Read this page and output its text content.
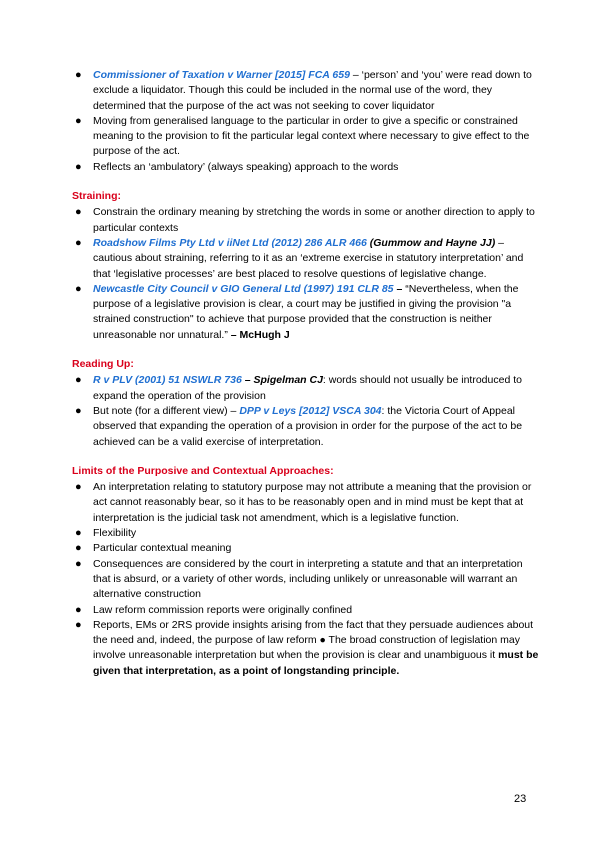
● Commissioner of Taxation v Warner [2015] FCA 659 – ‘person’ and ‘you’ were read down to exclude a liquidator. Though this could be included in the normal use of the word, they determined that the purpose of the act was not seeking to cover liquidator
● Moving from generalised language to the particular in order to give a specific or constrained meaning to the provision to fit the particular legal context where necessary to give effect to the purpose of the act.
● Reflects an ‘ambulatory’ (always speaking) approach to the words
Straining:
● Constrain the ordinary meaning by stretching the words in some or another direction to apply to particular contexts
● Roadshow Films Pty Ltd v iiNet Ltd (2012) 286 ALR 466 (Gummow and Hayne JJ) – cautious about straining, referring to it as an ‘extreme exercise in statutory interpretation’ and that ‘legislative processes’ are best placed to resolve questions of legislative change.
● Newcastle City Council v GIO General Ltd (1997) 191 CLR 85 – “Nevertheless, when the purpose of a legislative provision is clear, a court may be justified in giving the provision "a strained construction" to achieve that purpose provided that the construction is neither unreasonable nor unnatural.” – McHugh J
Reading Up:
● R v PLV (2001) 51 NSWLR 736 – Spigelman CJ: words should not usually be introduced to expand the operation of the provision
● But note (for a different view) – DPP v Leys [2012] VSCA 304: the Victoria Court of Appeal observed that expanding the operation of a provision in order for the purpose of the act to be achieved can be a valid exercise of interpretation.
Limits of the Purposive and Contextual Approaches:
● An interpretation relating to statutory purpose may not attribute a meaning that the provision or act cannot reasonably bear, so it has to be reasonably open and in mind must be kept that at interpretation is the judicial task not amendment, which is a legislative function.
● Flexibility
● Particular contextual meaning
● Consequences are considered by the court in interpreting a statute and that an interpretation that is absurd, or a variety of other words, including unlikely or unreasonable will warrant an alternative construction
● Law reform commission reports were originally confined
● Reports, EMs or 2RS provide insights arising from the fact that they persuade audiences about the need and, indeed, the purpose of law reform ● The broad construction of legislation may involve unreasonable interpretation but when the provision is clear and unambiguous it must be given that interpretation, as a point of longstanding principle.
23
